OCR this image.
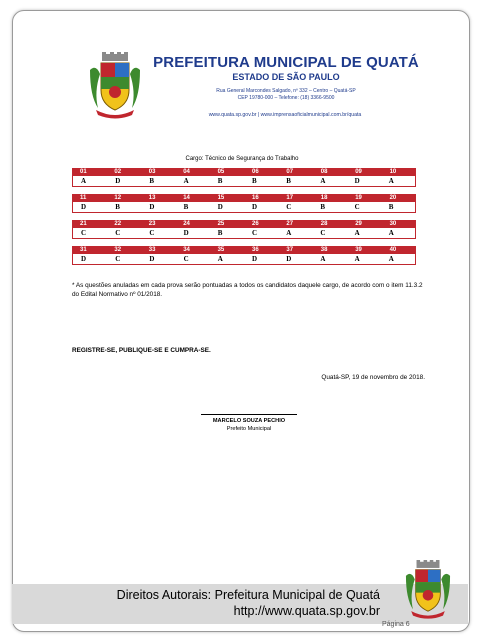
PREFEITURA MUNICIPAL DE QUATÁ
ESTADO DE SÃO PAULO
Rua General Marcondes Salgado, nº 332 – Centro – Quatá-SP
CEP 19780-000 – Telefone: (18) 3366-9500
www.quata.sp.gov.br | www.imprensaoficialmunicipal.com.br/quata
Cargo: Técnico de Segurança do Trabalho
01	02	03	04	05	06	07	08	09	10
A	D	B	A	B	B	B	A	D	A
11	12	13	14	15	16	17	18	19	20
D	B	D	B	D	D	C	B	C	B
21	22	23	24	25	26	27	28	29	30
C	C	C	D	B	C	A	C	A	A
31	32	33	34	35	36	37	38	39	40
D	C	D	C	A	D	D	A	A	A
* As questões anuladas em cada prova serão pontuadas a todos os candidatos daquele cargo, de acordo com o item 11.3.2 do Edital Normativo nº 01/2018.
REGISTRE-SE, PUBLIQUE-SE E CUMPRA-SE.
Quatá-SP, 19 de novembro de 2018.
MARCELO SOUZA PECHIO
Prefeito Municipal
Direitos Autorais: Prefeitura Municipal de Quatá
http://www.quata.sp.gov.br
Página 6
